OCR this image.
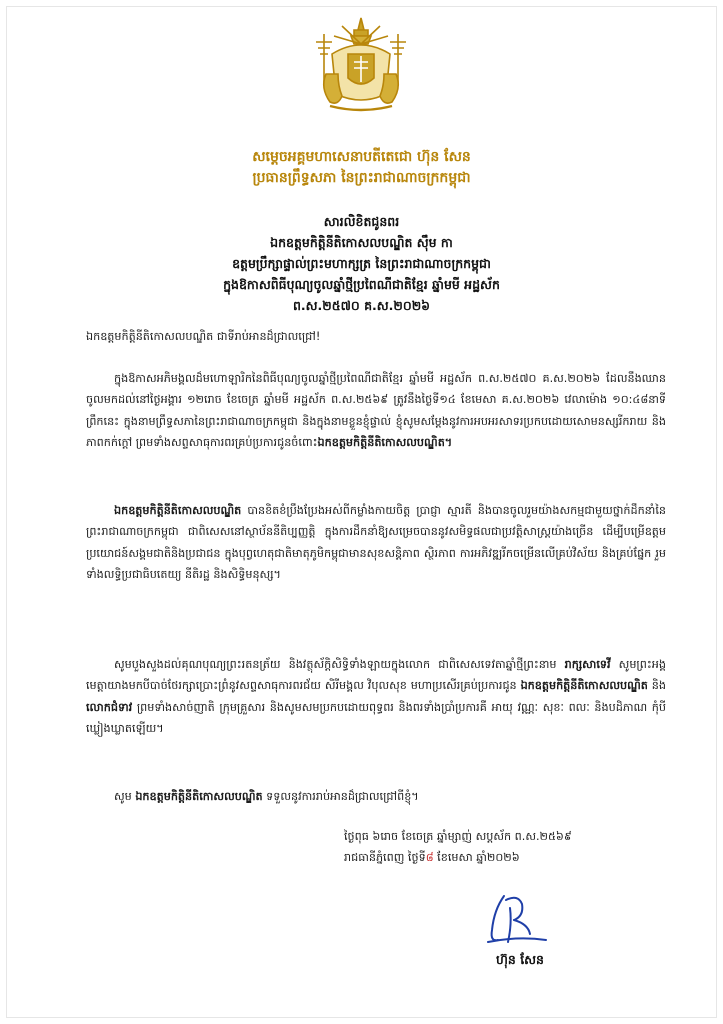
សម្ដេចអគ្គមហាសេនាបតីតេជោ ហ៊ុន សែន
ប្រធានព្រឹទ្ធសភា នៃព្រះរាជាណាចក្រកម្ពុជា
សារលិខិតជូនពរ
ឯកឧត្តមកិត្តិនីតិកោសលបណ្ឌិត ស៊ឹម កា
ឧត្តមប្រឹក្សាផ្ទាល់ព្រះមហាក្សត្រ នៃព្រះរាជាណាចក្រកម្ពុជា
ក្នុងឱកាសពិធីបុណ្យចូលឆ្នាំថ្មីប្រពៃណីជាតិខ្មែរ ឆ្នាំមមី អដ្ឋស័ក
ព.ស.២៥៧០ គ.ស.២០២៦

ឯកឧត្តមកិត្តិនីតិកោសលបណ្ឌិត ជាទីរាប់អានដ៏ជ្រាលជ្រៅ!

ក្នុងឱកាសអភិមង្គលដ៏មហោឡារិកនៃពិធីបុណ្យចូលឆ្នាំថ្មីប្រពៃណីជាតិខ្មែរ ឆ្នាំមមី អដ្ឋស័ក ព.ស.២៥៧០ គ.ស.២០២៦ ដែលនឹងឈានចូលមកដល់នៅថ្ងៃអង្គារ ១២រោច ខែចេត្រ ឆ្នាំមមី អដ្ឋស័ក ព.ស.២៥៦៩ ត្រូវនឹងថ្ងៃទី១៤ ខែមេសា គ.ស.២០២៦ វេលាម៉ោង ១០:៤៨នាទីព្រឹកនេះ ក្នុងនាមព្រឹទ្ធសភានៃព្រះរាជាណាចក្រកម្ពុជា និងក្នុងនាមខ្លួនខ្ញុំផ្ទាល់ ខ្ញុំសូមសម្ដែងនូវការអបអរសាទរប្រកបដោយសោមនស្សរីករាយ និងភាពកក់ក្ដៅ ព្រមទាំងសព្ទសាធុការពរគ្រប់ប្រការជូនចំពោះឯកឧត្តមកិត្តិនីតិកោសលបណ្ឌិត។

ឯកឧត្តមកិត្តិនីតិកោសលបណ្ឌិត បានខិតខំប្រឹងប្រែងអស់ពីកម្លាំងកាយចិត្ត ប្រាជ្ញា ស្មារតី និងបានចូលរួមយ៉ាងសកម្មជាមួយថ្នាក់ដឹកនាំនៃព្រះរាជាណាចក្រកម្ពុជា ជាពិសេសនៅស្ថាប័ននីតិប្បញ្ញត្តិ ក្នុងការដឹកនាំឱ្យសម្រេចបាននូវសមិទ្ធផលជាប្រវត្តិសាស្ត្រយ៉ាងច្រើន ដើម្បីបម្រើឧត្តមប្រយោជន៍សង្គមជាតិនិងប្រជាជន ក្នុងបុព្វហេតុជាតិមាតុភូមិកម្ពុជាមានសុខសន្តិភាព ស្ថិរភាព ការអភិវឌ្ឍរីកចម្រើនលើគ្រប់វិស័យ និងគ្រប់ផ្នែក រួមទាំងលទ្ធិប្រជាធិបតេយ្យ នីតិរដ្ឋ និងសិទ្ធិមនុស្ស។

សូមបួងសួងដល់គុណបុណ្យព្រះរតនត្រ័យ និងវត្ថុស័ក្តិសិទ្ធិទាំងឡាយក្នុងលោក ជាពិសេសទេវតាឆ្នាំថ្មីព្រះនាម រាក្សសាទេវី សូមព្រះអង្គមេត្តាយាងមកបីបាច់ថែរក្សាប្រោះព្រំនូវសព្ទសាធុការពរជ័យ សិរីមង្គល វិបុលសុខ មហាប្រសើរគ្រប់ប្រការជូន ឯកឧត្តមកិត្តិនីតិកោសលបណ្ឌិត និងលោកជំទាវ ព្រមទាំងសាច់ញាតិ ក្រុមគ្រួសារ និងសូមសមប្រកបដោយពុទ្ធពរ និងពរទាំងប្រាំប្រការគឺ អាយុ វណ្ណៈ សុខៈ ពលៈ និងបដិភាណ កុំបីឃ្លៀងឃ្លាតឡើយ។

សូម ឯកឧត្តមកិត្តិនីតិកោសលបណ្ឌិត ទទួលនូវការរាប់អានដ៏ជ្រាលជ្រៅពីខ្ញុំ។

ថ្ងៃពុធ ៦រោច ខែចេត្រ ឆ្នាំម្សាញ់ សប្ដស័ក ព.ស.២៥៦៩
រាជធានីភ្នំពេញ ថ្ងៃទី៨ ខែមេសា ឆ្នាំ២០២៦
ហ៊ុន សែន
